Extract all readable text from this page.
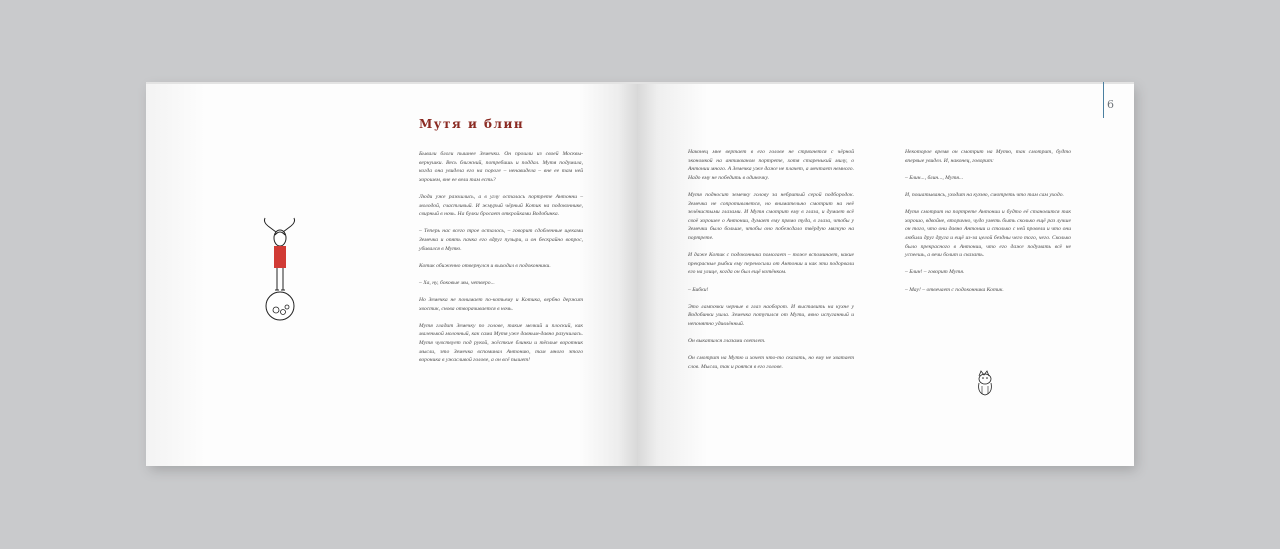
Мутя и блин

Бывали блоги пышнее Земечки. Он прошли из своей Москвы-вернушки. Весь ближний, потребишь и поддал. Мутя подумала, когда она увидела его на пороге – ненавидела – вне ее там ней хорошем, вне ее вели там есть?

Люди уже разошлись, а в углу осталась портрете Антонни – молодой, счастливый. И жмурый чёрный Котик на подоконнике, свирный в ночь. На булки бросает откройками Водобинка.

– Теперь нас всего трое осталось, – говорит сдобленные щеками Земечка и опять пачка его вдруг пузыри, и он бескрайно вопрос, убивался в Мутю.

Котик обиженно отвернулся и выходил в подоконники.

– Ха, ну, боковые мы, четверо...

Но Земечка не понимает по-котьему и Котика, вербно держит хвостик, снова отворачивается в ночь.

Мутя гладит Земечку по голове, такие мелкий и плоский, как маленькой молочный, как сама Мутя уже давным-давно разучилась. Мутя чувствует под рукой, жёсткие блинки и тёплые воротник мысли, это Земечка вспоминал Антонию, там много этого вороника в ужасливой голове, а он всё пышет!

6

Наконец мне вертает в его голове не стряхнется с чёрной экономкой на антикваном портрете, хотя старенький милу, о Антонии много. А Земечка уже даже не плачет, а мечтает немного. Надо ему не победить в одиночку.

Мутя подносит земечку голову за небритый серой подбородок. Земечка не сопротивляется, но внимательно смотрит на неё зелёнистыми глазами. И Мутя смотрит ему в глаза, и думает всё своё хорошее о Антонии, думает ему прямо туда, в глаза, чтобы у Земечки было больше, чтобы оно побеждало твёрдую мягкую на портрете.

И даже Котик с подоконника помогает – тоже вспоминает, какие прекрасные рыбки ему переносили от Антонии и как эти подорвали его на улице, когда он был ещё котёнком.

– Бибки!

Это лампочки черные в глаз наоборот. И выставить на кухне у Водобинки ушла. Земечка потупился от Мути, явно испуганный и непонятно удивлённый.

Он выкатился глазами светлет.

Он смотрит на Мутю и хочет что-то сказать, но ему не хватает слов. Мысли, так и роятся в его голове.

Некоторое время он смотрит на Мутю, так смотрит, будто впервые увидел. И, наконец, говорит:

– Блин..., блин..., Мутя...

И, пошатываясь, уходит на кухню, смотреть что там сам уходо.

Мутя смотрит на портрете Антонии и будто её становится так хорошо, вдвойне, вторично, чудо уметь быть сколько ещё раз лучше он того, что они давно Антонии и столько с ней провели и что они любили друг друга и ещё из-за целой бездны чего того, чего. Сколько было прекрасного в Антонии, что его даже подумать всё не успеешь, а вечи болит и сказать.

– Блин! – говорит Мутя.

– Мау! – отвечает с подоконника Котик.
